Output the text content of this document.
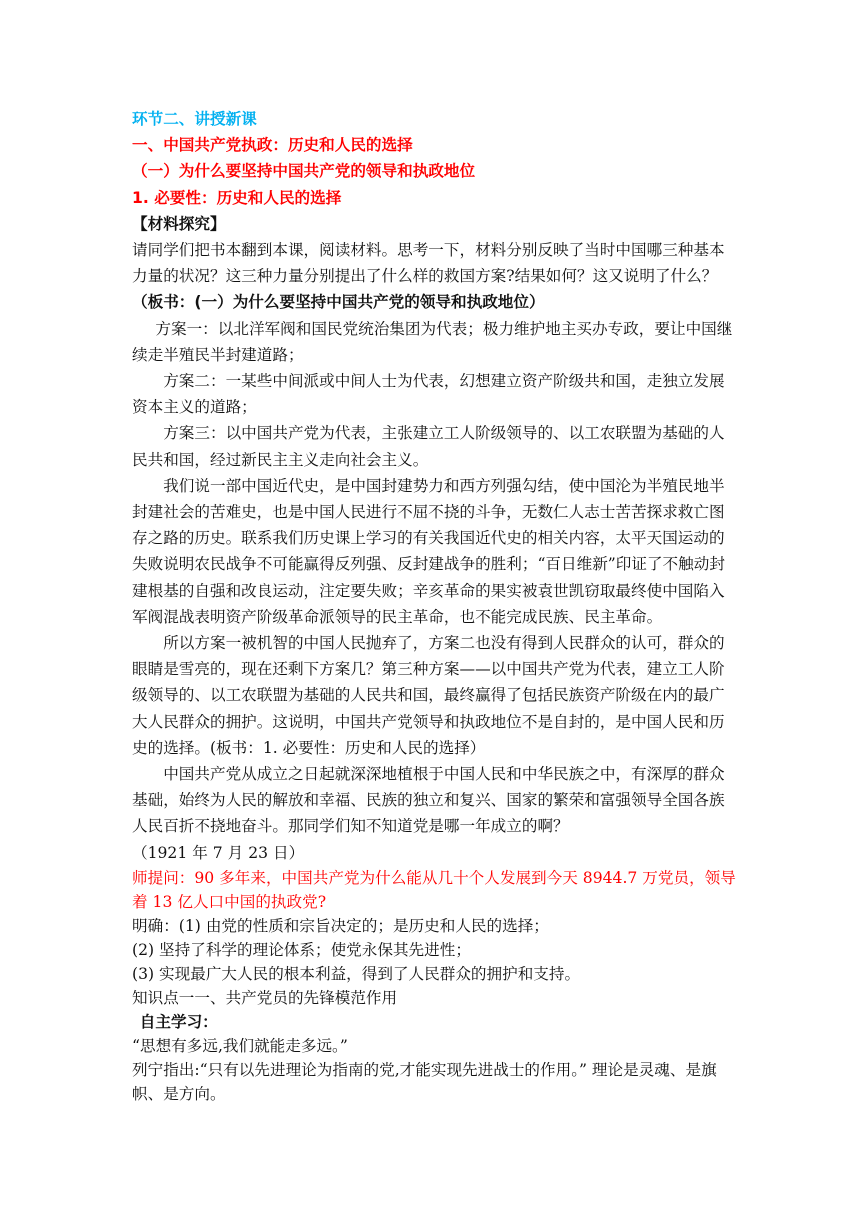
环节二、讲授新课

一、中国共产党执政：历史和人民的选择

（一）为什么要坚持中国共产党的领导和执政地位

1. 必要性：历史和人民的选择

【材料探究】

请同学们把书本翻到本课，阅读材料。思考一下，材料分别反映了当时中国哪三种基本力量的状况？这三种力量分别提出了什么样的救国方案?结果如何？这又说明了什么？（板书：(一）为什么要坚持中国共产党的领导和执政地位）

方案一：以北洋军阀和国民党统治集团为代表；极力维护地主买办专政，要让中国继续走半殖民半封建道路；

方案二：一某些中间派或中间人士为代表，幻想建立资产阶级共和国，走独立发展资本主义的道路；

方案三：以中国共产党为代表，主张建立工人阶级领导的、以工农联盟为基础的人民共和国，经过新民主主义走向社会主义。

我们说一部中国近代史，是中国封建势力和西方列强勾结，使中国沦为半殖民地半封建社会的苦难史，也是中国人民进行不屈不挠的斗争，无数仁人志士苦苦探求救亡图存之路的历史。联系我们历史课上学习的有关我国近代史的相关内容，太平天国运动的失败说明农民战争不可能赢得反列强、反封建战争的胜利；“百日维新”印证了不触动封建根基的自强和改良运动，注定要失败；辛亥革命的果实被袁世凯窃取最终使中国陷入军阀混战表明资产阶级革命派领导的民主革命，也不能完成民族、民主革命。

所以方案一被机智的中国人民抛弃了，方案二也没有得到人民群众的认可，群众的眼睛是雪亮的，现在还剩下方案几？第三种方案——以中国共产党为代表，建立工人阶级领导的、以工农联盟为基础的人民共和国，最终赢得了包括民族资产阶级在内的最广大人民群众的拥护。这说明，中国共产党领导和执政地位不是自封的，是中国人民和历史的选择。(板书：1. 必要性：历史和人民的选择）

中国共产党从成立之日起就深深地植根于中国人民和中华民族之中，有深厚的群众基础，始终为人民的解放和幸福、民族的独立和复兴、国家的繁荣和富强领导全国各族人民百折不挠地奋斗。那同学们知不知道党是哪一年成立的啊？

（1921 年 7 月 23 日）

师提问：90 多年来，中国共产党为什么能从几十个人发展到今天 8944.7 万党员，领导着 13 亿人口中国的执政党?

明确：(1) 由党的性质和宗旨决定的；是历史和人民的选择；

(2) 坚持了科学的理论体系；使党永保其先进性；

(3) 实现最广大人民的根本利益，得到了人民群众的拥护和支持。

知识点一一、共产党员的先锋模范作用

自主学习：

“思想有多远,我们就能走多远。”

列宁指出:“只有以先进理论为指南的党,才能实现先进战士的作用。” 理论是灵魂、是旗帜、是方向。
